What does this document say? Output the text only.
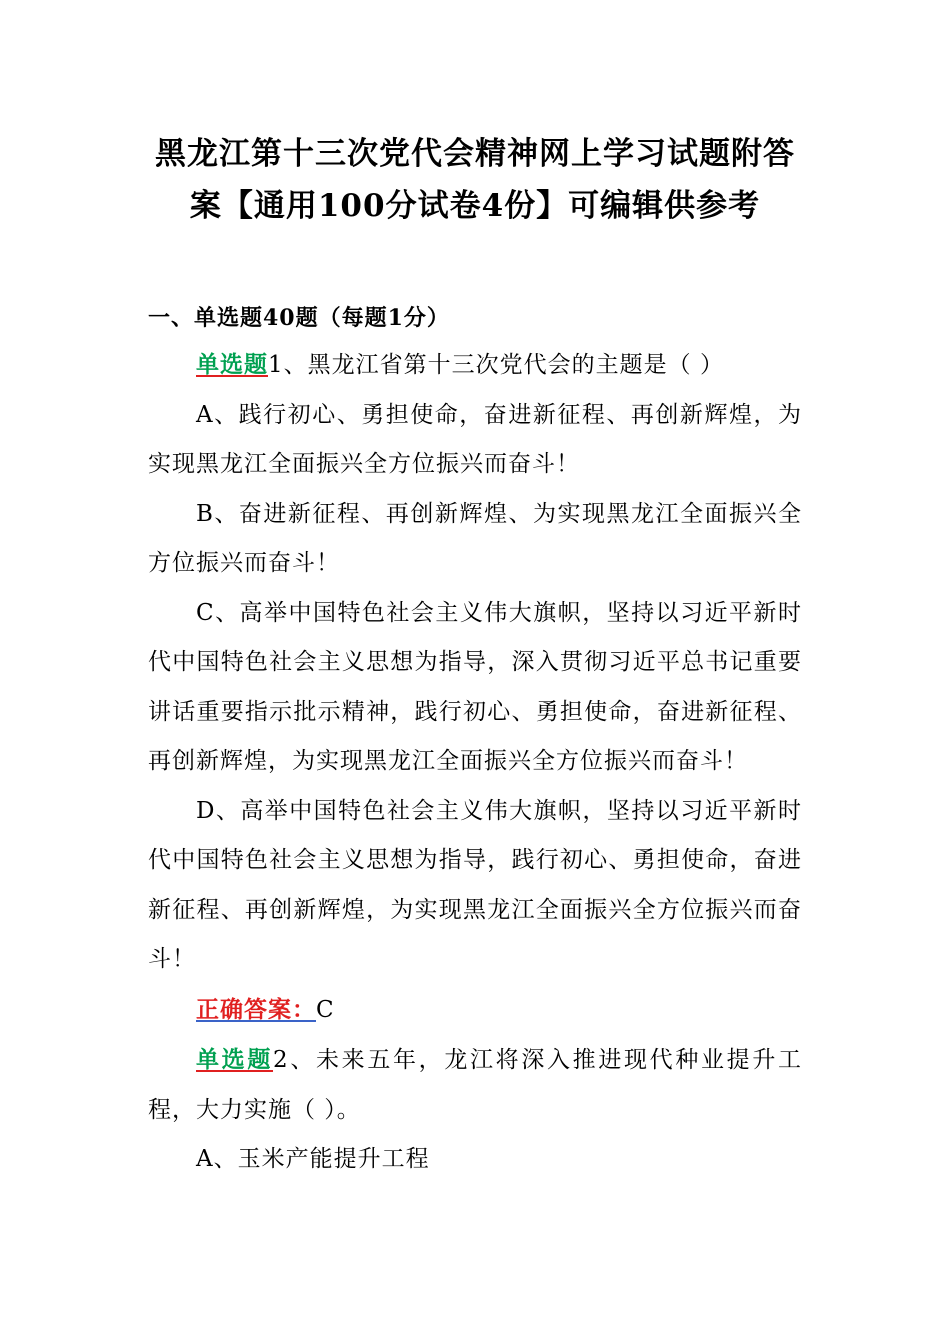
黑龙江第十三次党代会精神网上学习试题附答
案【通用100分试卷4份】可编辑供参考
一、单选题40题（每题1分）

单选题1、黑龙江省第十三次党代会的主题是（ ）

A、践行初心、勇担使命，奋进新征程、再创新辉煌，为实现黑龙江全面振兴全方位振兴而奋斗！

B、奋进新征程、再创新辉煌、为实现黑龙江全面振兴全方位振兴而奋斗！

C、高举中国特色社会主义伟大旗帜，坚持以习近平新时代中国特色社会主义思想为指导，深入贯彻习近平总书记重要讲话重要指示批示精神，践行初心、勇担使命，奋进新征程、再创新辉煌，为实现黑龙江全面振兴全方位振兴而奋斗！

D、高举中国特色社会主义伟大旗帜，坚持以习近平新时代中国特色社会主义思想为指导，践行初心、勇担使命，奋进新征程、再创新辉煌，为实现黑龙江全面振兴全方位振兴而奋斗！

正确答案：C

单选题2、未来五年，龙江将深入推进现代种业提升工程，大力实施（ ）。

A、玉米产能提升工程
